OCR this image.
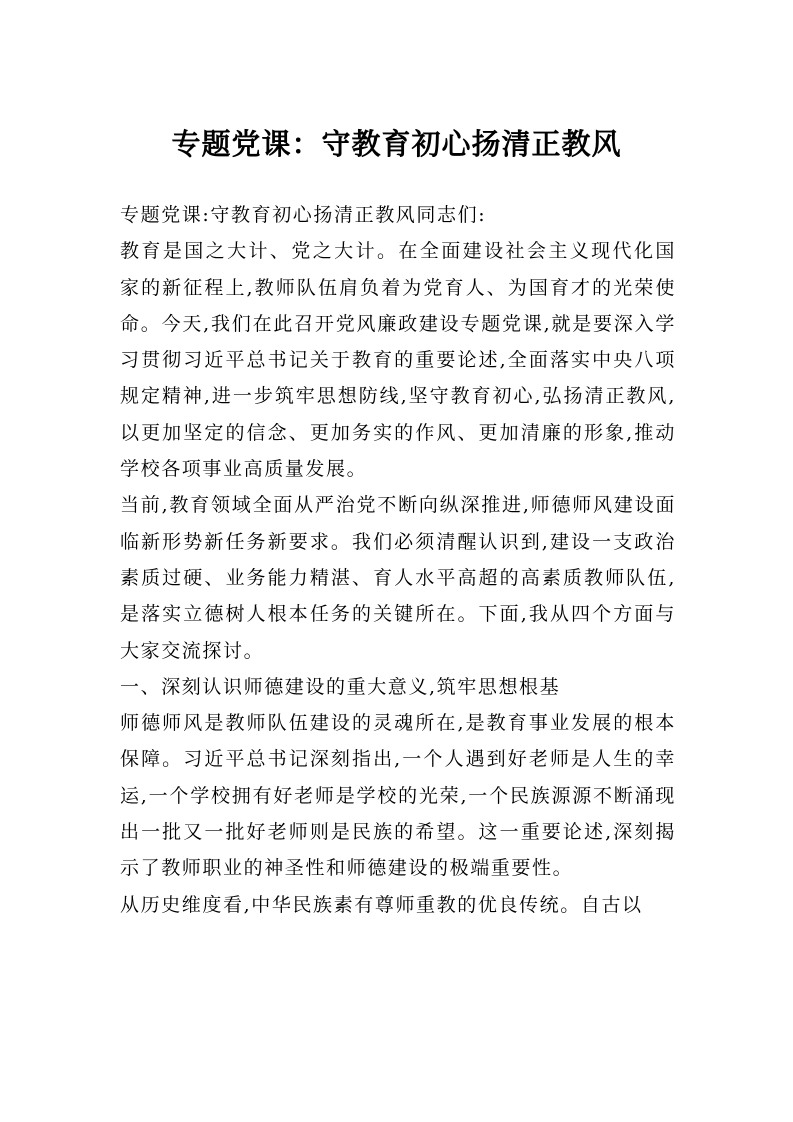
专题党课：守教育初心扬清正教风

专题党课:守教育初心扬清正教风同志们:

教育是国之大计、党之大计。在全面建设社会主义现代化国家的新征程上,教师队伍肩负着为党育人、为国育才的光荣使命。今天,我们在此召开党风廉政建设专题党课,就是要深入学习贯彻习近平总书记关于教育的重要论述,全面落实中央八项规定精神,进一步筑牢思想防线,坚守教育初心,弘扬清正教风,以更加坚定的信念、更加务实的作风、更加清廉的形象,推动学校各项事业高质量发展。

当前,教育领域全面从严治党不断向纵深推进,师德师风建设面临新形势新任务新要求。我们必须清醒认识到,建设一支政治素质过硬、业务能力精湛、育人水平高超的高素质教师队伍,是落实立德树人根本任务的关键所在。下面,我从四个方面与大家交流探讨。

一、深刻认识师德建设的重大意义,筑牢思想根基

师德师风是教师队伍建设的灵魂所在,是教育事业发展的根本保障。习近平总书记深刻指出,一个人遇到好老师是人生的幸运,一个学校拥有好老师是学校的光荣,一个民族源源不断涌现出一批又一批好老师则是民族的希望。这一重要论述,深刻揭示了教师职业的神圣性和师德建设的极端重要性。

从历史维度看,中华民族素有尊师重教的优良传统。自古以
